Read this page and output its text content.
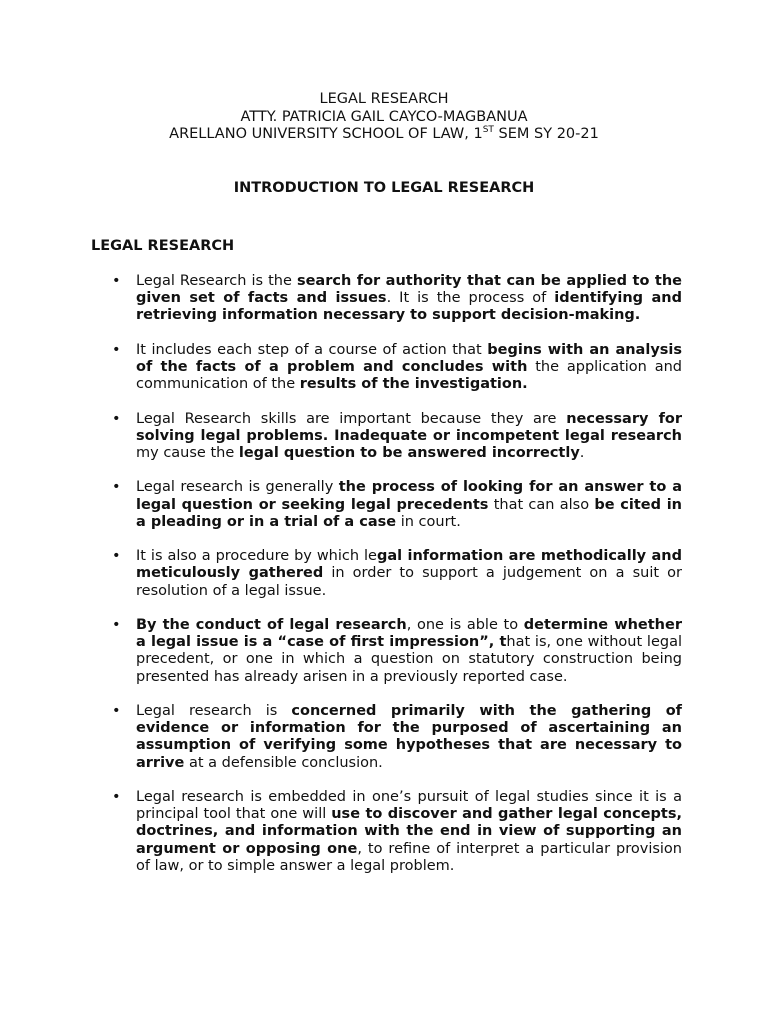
LEGAL RESEARCH
ATTY. PATRICIA GAIL CAYCO-MAGBANUA
ARELLANO UNIVERSITY SCHOOL OF LAW, 1ST SEM SY 20-21
INTRODUCTION TO LEGAL RESEARCH
LEGAL RESEARCH
• Legal Research is the search for authority that can be applied to the given set of facts and issues. It is the process of identifying and retrieving information necessary to support decision-making.
• It includes each step of a course of action that begins with an analysis of the facts of a problem and concludes with the application and communication of the results of the investigation.
• Legal Research skills are important because they are necessary for solving legal problems. Inadequate or incompetent legal research my cause the legal question to be answered incorrectly.
• Legal research is generally the process of looking for an answer to a legal question or seeking legal precedents that can also be cited in a pleading or in a trial of a case in court.
• It is also a procedure by which legal information are methodically and meticulously gathered in order to support a judgement on a suit or resolution of a legal issue.
• By the conduct of legal research, one is able to determine whether a legal issue is a “case of first impression”, that is, one without legal precedent, or one in which a question on statutory construction being presented has already arisen in a previously reported case.
• Legal research is concerned primarily with the gathering of evidence or information for the purposed of ascertaining an assumption of verifying some hypotheses that are necessary to arrive at a defensible conclusion.
• Legal research is embedded in one’s pursuit of legal studies since it is a principal tool that one will use to discover and gather legal concepts, doctrines, and information with the end in view of supporting an argument or opposing one, to refine of interpret a particular provision of law, or to simple answer a legal problem.
